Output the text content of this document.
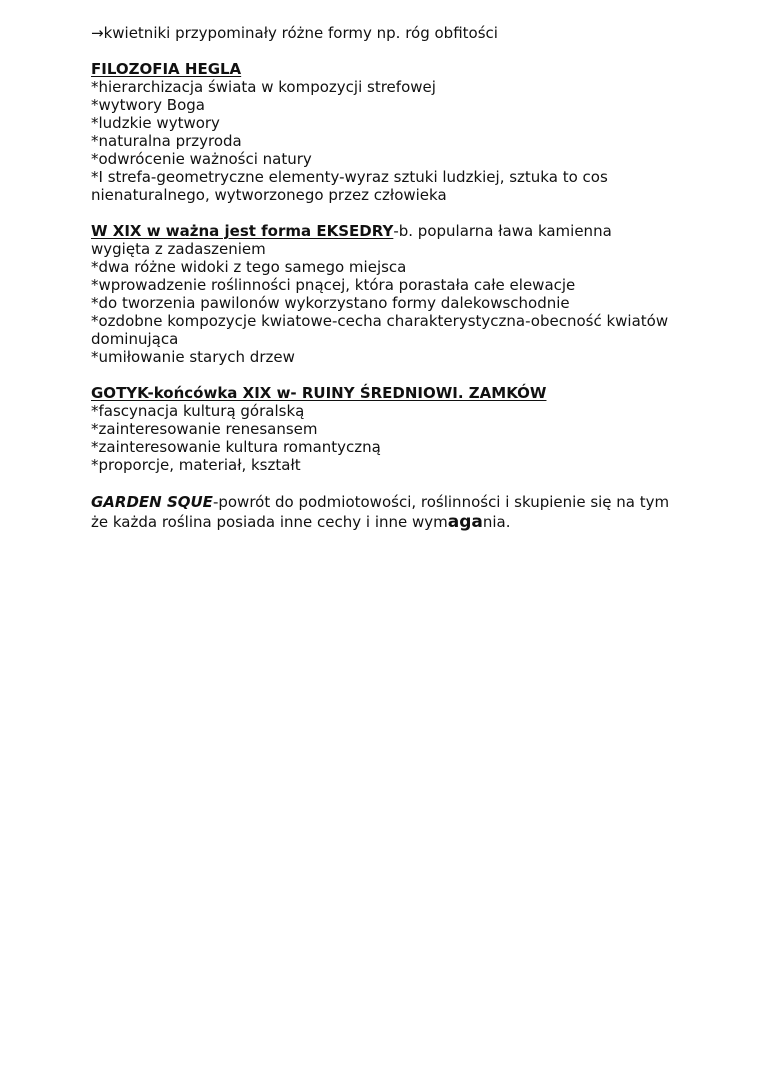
→kwietniki przypominały różne formy np. róg obfitości

FILOZOFIA HEGLA

*hierarchizacja świata w kompozycji strefowej

*wytwory Boga

*ludzkie wytwory

*naturalna przyroda

*odwrócenie ważności natury

*I strefa-geometryczne elementy-wyraz sztuki ludzkiej, sztuka to cos nienaturalnego, wytworzonego przez człowieka

W XIX w ważna jest forma EKSEDRY-b. popularna ława kamienna wygięta z zadaszeniem

*dwa różne widoki z tego samego miejsca

*wprowadzenie roślinności pnącej, która porastała całe elewacje

*do tworzenia pawilonów wykorzystano formy dalekowschodnie

*ozdobne kompozycje kwiatowe-cecha charakterystyczna-obecność kwiatów dominująca

*umiłowanie starych drzew

GOTYK-końcówka XIX w- RUINY ŚREDNIOWI. ZAMKÓW

*fascynacja kulturą góralską

*zainteresowanie renesansem

*zainteresowanie kultura romantyczną

*proporcje, materiał, kształt

GARDEN SQUE-powrót do podmiotowości, roślinności i skupienie się na tym że każda roślina posiada inne cechy i inne wymagania.
